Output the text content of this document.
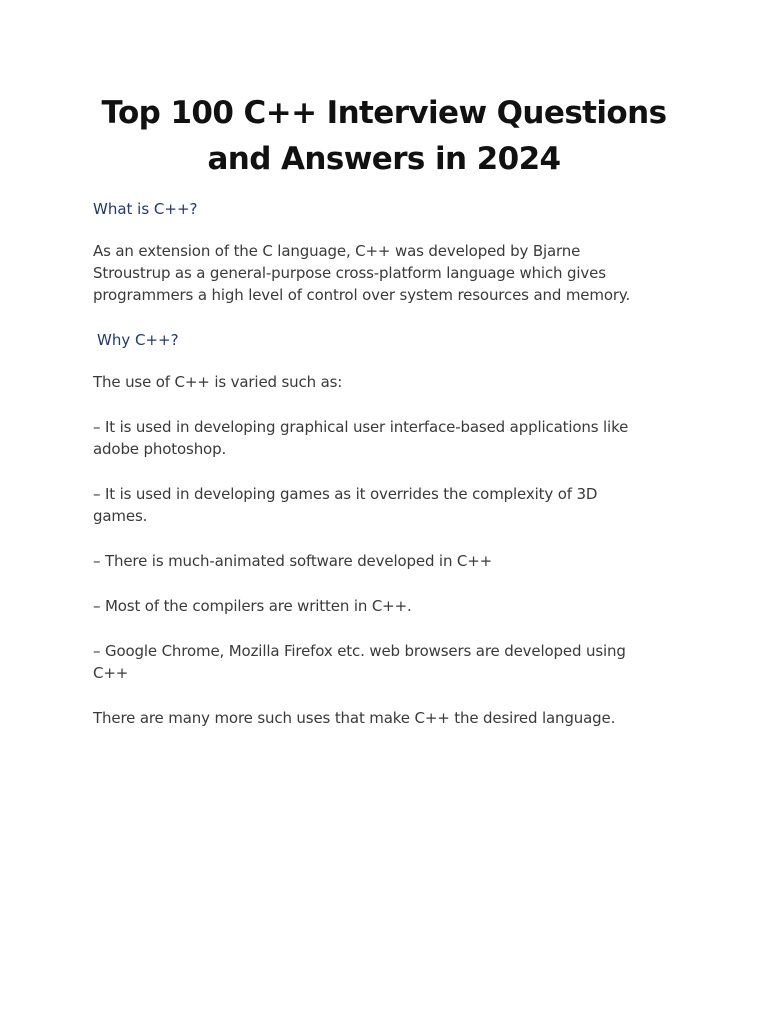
Top 100 C++ Interview Questions
and Answers in 2024

What is C++?

As an extension of the C language, C++ was developed by Bjarne
Stroustrup as a general-purpose cross-platform language which gives
programmers a high level of control over system resources and memory.

Why C++?

The use of C++ is varied such as:

– It is used in developing graphical user interface-based applications like
adobe photoshop.

– It is used in developing games as it overrides the complexity of 3D
games.

– There is much-animated software developed in C++

– Most of the compilers are written in C++.

– Google Chrome, Mozilla Firefox etc. web browsers are developed using
C++

There are many more such uses that make C++ the desired language.
